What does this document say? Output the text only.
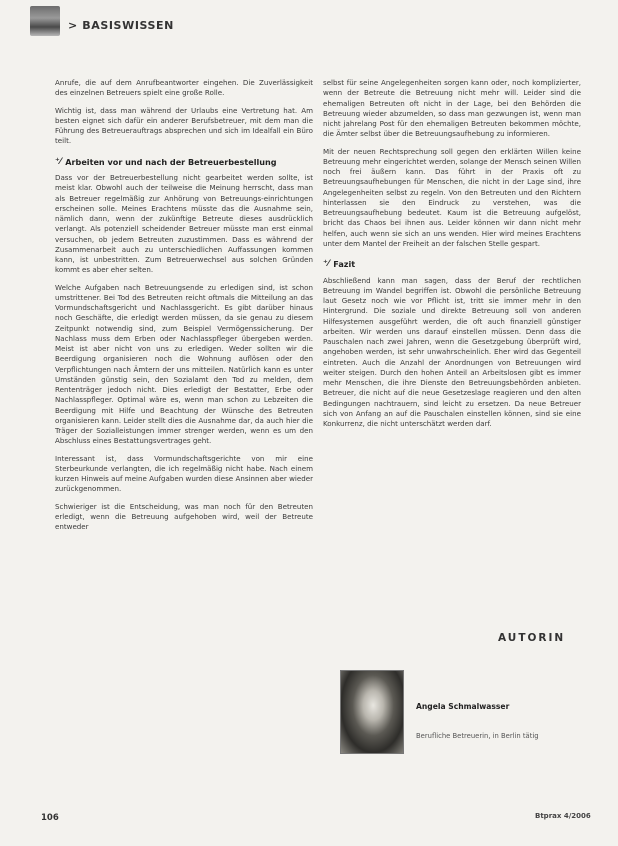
> BASISWISSEN

Anrufe, die auf dem Anrufbeantworter eingehen. Die Zuverlässigkeit des einzelnen Betreuers spielt eine große Rolle.

Wichtig ist, dass man während der Urlaubs eine Vertretung hat. Am besten eignet sich dafür ein anderer Berufsbetreuer, mit dem man die Führung des Betreuerauftrags absprechen und sich im Idealfall ein Büro teilt.

⁺⁄ Arbeiten vor und nach der Betreuerbestellung

Dass vor der Betreuerbestellung nicht gearbeitet werden sollte, ist meist klar. Obwohl auch der teilweise die Meinung herrscht, dass man als Betreuer regelmäßig zur Anhörung von Betreuungs-einrichtungen erscheinen solle. Meines Erachtens müsste das die Ausnahme sein, nämlich dann, wenn der zukünftige Betreute dieses ausdrücklich verlangt. Als potenziell scheidender Betreuer müsste man erst einmal versuchen, ob jedem Betreuten zuzustimmen. Dass es während der Zusammenarbeit auch zu unterschiedlichen Auffassungen kommen kann, ist unbestritten. Zum Betreuerwechsel aus solchen Gründen kommt es aber eher selten.

Welche Aufgaben nach Betreuungsende zu erledigen sind, ist schon umstrittener. Bei Tod des Betreuten reicht oftmals die Mitteilung an das Vormundschaftsgericht und Nachlassgericht. Es gibt darüber hinaus noch Geschäfte, die erledigt werden müssen, da sie genau zu diesem Zeitpunkt notwendig sind, zum Beispiel Vermögenssicherung. Der Nachlass muss dem Erben oder Nachlasspfleger übergeben werden. Meist ist aber nicht von uns zu erledigen. Weder sollten wir die Beerdigung organisieren noch die Wohnung auflösen oder den Verpflichtungen nach Ämtern der uns mitteilen. Natürlich kann es unter Umständen günstig sein, den Sozialamt den Tod zu melden, dem Rententräger jedoch nicht. Dies erledigt der Bestatter, Erbe oder Nachlasspfleger. Optimal wäre es, wenn man schon zu Lebzeiten die Beerdigung mit Hilfe und Beachtung der Wünsche des Betreuten organisieren kann. Leider stellt dies die Ausnahme dar, da auch hier die Träger der Sozialleistungen immer strenger werden, wenn es um den Abschluss eines Bestattungsvertrages geht.

Interessant ist, dass Vormundschaftsgerichte von mir eine Sterbeurkunde verlangten, die ich regelmäßig nicht habe. Nach einem kurzen Hinweis auf meine Aufgaben wurden diese Ansinnen aber wieder zurückgenommen.

Schwieriger ist die Entscheidung, was man noch für den Betreuten erledigt, wenn die Betreuung aufgehoben wird, weil der Betreute entweder

selbst für seine Angelegenheiten sorgen kann oder, noch komplizierter, wenn der Betreute die Betreuung nicht mehr will. Leider sind die ehemaligen Betreuten oft nicht in der Lage, bei den Behörden die Betreuung wieder abzumelden, so dass man gezwungen ist, wenn man nicht jahrelang Post für den ehemaligen Betreuten bekommen möchte, die Ämter selbst über die Betreuungsaufhebung zu informieren.

Mit der neuen Rechtsprechung soll gegen den erklärten Willen keine Betreuung mehr eingerichtet werden, solange der Mensch seinen Willen noch frei äußern kann. Das führt in der Praxis oft zu Betreuungsaufhebungen für Menschen, die nicht in der Lage sind, ihre Angelegenheiten selbst zu regeln. Von den Betreuten und den Richtern hinterlassen sie den Eindruck zu verstehen, was die Betreuungsaufhebung bedeutet. Kaum ist die Betreuung aufgelöst, bricht das Chaos bei ihnen aus. Leider können wir dann nicht mehr helfen, auch wenn sie sich an uns wenden. Hier wird meines Erachtens unter dem Mantel der Freiheit an der falschen Stelle gespart.

⁺⁄ Fazit

Abschließend kann man sagen, dass der Beruf der rechtlichen Betreuung im Wandel begriffen ist. Obwohl die persönliche Betreuung laut Gesetz noch wie vor Pflicht ist, tritt sie immer mehr in den Hintergrund. Die soziale und direkte Betreuung soll von anderen Hilfesystemen ausgeführt werden, die oft auch finanziell günstiger arbeiten. Wir werden uns darauf einstellen müssen. Denn dass die Pauschalen nach zwei Jahren, wenn die Gesetzgebung überprüft wird, angehoben werden, ist sehr unwahrscheinlich. Eher wird das Gegenteil eintreten. Auch die Anzahl der Anordnungen von Betreuungen wird weiter steigen. Durch den hohen Anteil an Arbeitslosen gibt es immer mehr Menschen, die ihre Dienste den Betreuungsbehörden anbieten. Betreuer, die nicht auf die neue Gesetzeslage reagieren und den alten Bedingungen nachtrauern, sind leicht zu ersetzen. Da neue Betreuer sich von Anfang an auf die Pauschalen einstellen können, sind sie eine Konkurrenz, die nicht unterschätzt werden darf.

AUTORIN
Angela Schmalwasser
Berufliche Betreuerin, in Berlin tätig
106	Btprax 4/2006
